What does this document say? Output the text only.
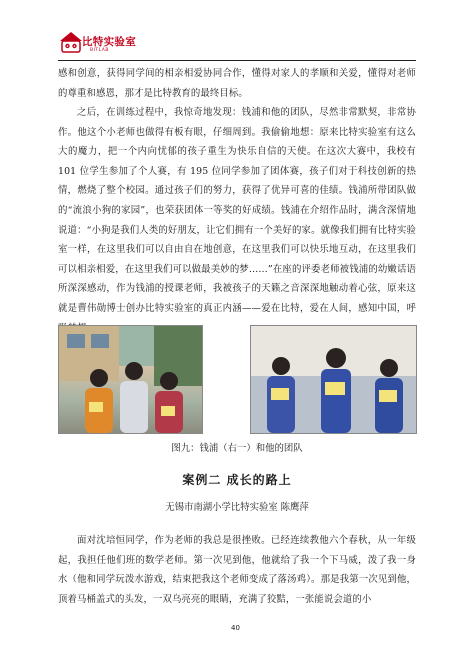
比特实验室
BITLAB
感和创意，获得同学间的相亲相爱协同合作，懂得对家人的孝顺和关爱，懂得对老师的尊重和感恩，那才是比特教育的最终目标。
之后，在训练过程中，我惊奇地发现：钱浦和他的团队，尽然非常默契，非常协作。他这个小老师也做得有板有眼，仔细周到。我偷偷地想：原来比特实验室有这么大的魔力，把一个内向忧郁的孩子重生为快乐自信的天使。在这次大赛中，我校有 101 位学生参加了个人赛，有 195 位同学参加了团体赛，孩子们对于科技创新的热情，燃烧了整个校园。通过孩子们的努力，获得了优异可喜的佳绩。钱浦所带团队做的“流浪小狗的家园”，也荣获团体一等奖的好成绩。钱浦在介绍作品时，满含深情地说道：“小狗是我们人类的好朋友，让它们拥有一个美好的家。就像我们拥有比特实验室一样，在这里我们可以自由自在地创意，在这里我们可以快乐地互动，在这里我们可以相亲相爱，在这里我们可以做最美妙的梦……”在座的评委老师被钱浦的幼嫩话语所深深感动，作为钱浦的授课老师，我被孩子的天籁之音深深地触动着心弦，原来这就是曹伟勋博士创办比特实验室的真正内涵——爱在比特，爱在人间，感知中国，呼
图九：钱浦（右一）和他的团队
案例二 成长的路上
无锡市南湖小学比特实验室 陈鹰萍
面对沈培恒同学，作为老师的我总是很挫败。已经连续教他六个春秋，从一年级起，我担任他们班的数学老师。第一次见到他，他就给了我一个下马威，泼了我一身水（他和同学玩泼水游戏，结束把我这个老师变成了落汤鸡）。那是我第一次见到他，顶着马桶盖式的头发，一双乌亮亮的眼睛，充满了狡黠，一张能说会道的小
40
